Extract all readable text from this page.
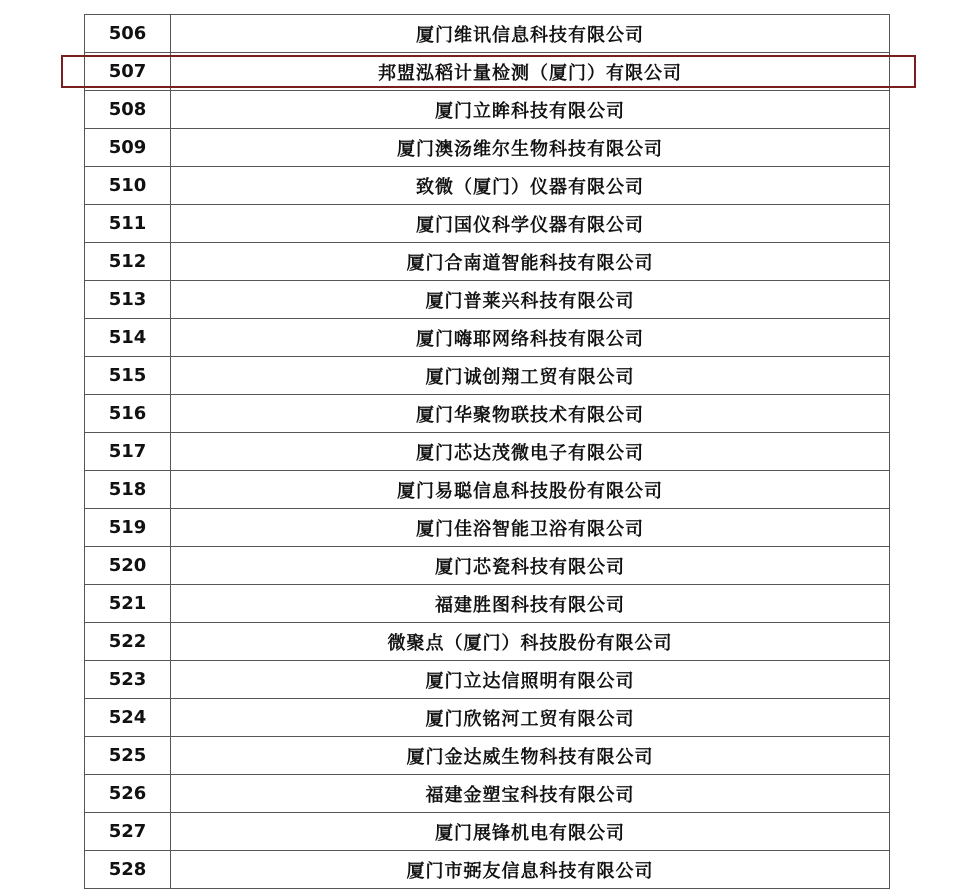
506	厦门维讯信息科技有限公司
507	邦盟泓稻计量检测（厦门）有限公司
508	厦门立眸科技有限公司
509	厦门澳汤维尔生物科技有限公司
510	致微（厦门）仪器有限公司
511	厦门国仪科学仪器有限公司
512	厦门合南道智能科技有限公司
513	厦门普莱兴科技有限公司
514	厦门嗨耶网络科技有限公司
515	厦门诚创翔工贸有限公司
516	厦门华聚物联技术有限公司
517	厦门芯达茂微电子有限公司
518	厦门易聪信息科技股份有限公司
519	厦门佳浴智能卫浴有限公司
520	厦门芯瓷科技有限公司
521	福建胜图科技有限公司
522	微聚点（厦门）科技股份有限公司
523	厦门立达信照明有限公司
524	厦门欣铭河工贸有限公司
525	厦门金达威生物科技有限公司
526	福建金塑宝科技有限公司
527	厦门展锋机电有限公司
528	厦门市弼友信息科技有限公司
